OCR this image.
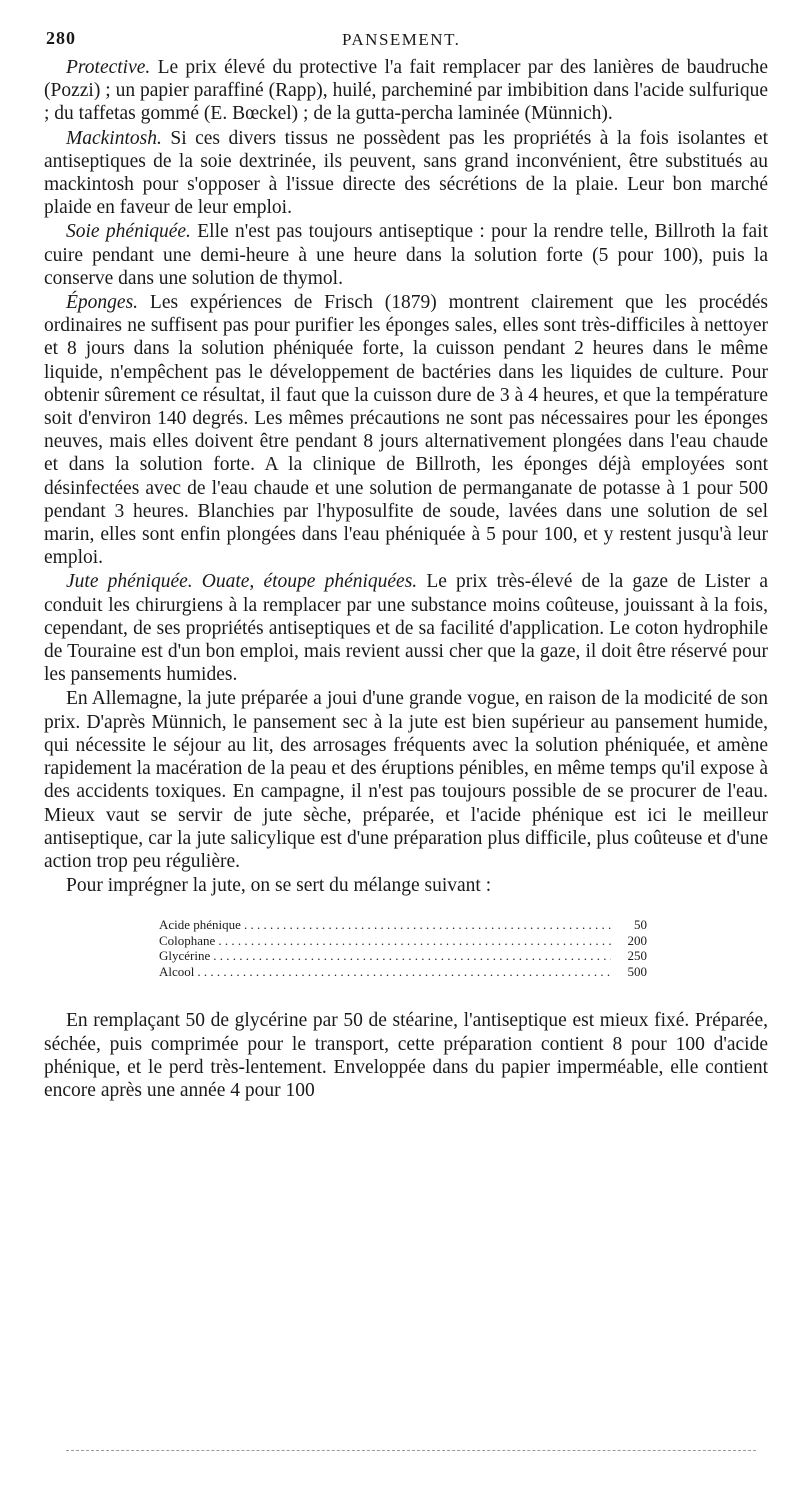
280	PANSEMENT.

Protective. Le prix élevé du protective l'a fait remplacer par des lanières de baudruche (Pozzi) ; un papier paraffiné (Rapp), huilé, parcheminé par imbibition dans l'acide sulfurique ; du taffetas gommé (E. Bœckel) ; de la gutta-percha laminée (Münnich).

Mackintosh. Si ces divers tissus ne possèdent pas les propriétés à la fois isolantes et antiseptiques de la soie dextrinée, ils peuvent, sans grand inconvénient, être substitués au mackintosh pour s'opposer à l'issue directe des sécrétions de la plaie. Leur bon marché plaide en faveur de leur emploi.

Soie phéniquée. Elle n'est pas toujours antiseptique : pour la rendre telle, Billroth la fait cuire pendant une demi-heure à une heure dans la solution forte (5 pour 100), puis la conserve dans une solution de thymol.

Éponges. Les expériences de Frisch (1879) montrent clairement que les procédés ordinaires ne suffisent pas pour purifier les éponges sales, elles sont très-difficiles à nettoyer et 8 jours dans la solution phéniquée forte, la cuisson pendant 2 heures dans le même liquide, n'empêchent pas le développement de bactéries dans les liquides de culture. Pour obtenir sûrement ce résultat, il faut que la cuisson dure de 3 à 4 heures, et que la température soit d'environ 140 degrés. Les mêmes précautions ne sont pas nécessaires pour les éponges neuves, mais elles doivent être pendant 8 jours alternativement plongées dans l'eau chaude et dans la solution forte. A la clinique de Billroth, les éponges déjà employées sont désinfectées avec de l'eau chaude et une solution de permanganate de potasse à 1 pour 500 pendant 3 heures. Blanchies par l'hyposulfite de soude, lavées dans une solution de sel marin, elles sont enfin plongées dans l'eau phéniquée à 5 pour 100, et y restent jusqu'à leur emploi.

Jute phéniquée. Ouate, étoupe phéniquées. Le prix très-élevé de la gaze de Lister a conduit les chirurgiens à la remplacer par une substance moins coûteuse, jouissant à la fois, cependant, de ses propriétés antiseptiques et de sa facilité d'application. Le coton hydrophile de Touraine est d'un bon emploi, mais revient aussi cher que la gaze, il doit être réservé pour les pansements humides.

En Allemagne, la jute préparée a joui d'une grande vogue, en raison de la modicité de son prix. D'après Münnich, le pansement sec à la jute est bien supérieur au pansement humide, qui nécessite le séjour au lit, des arrosages fréquents avec la solution phéniquée, et amène rapidement la macération de la peau et des éruptions pénibles, en même temps qu'il expose à des accidents toxiques. En campagne, il n'est pas toujours possible de se procurer de l'eau. Mieux vaut se servir de jute sèche, préparée, et l'acide phénique est ici le meilleur antiseptique, car la jute salicylique est d'une préparation plus difficile, plus coûteuse et d'une action trop peu régulière.

Pour imprégner la jute, on se sert du mélange suivant :

Acide phénique . . .	50
Colophane . . .	200
Glycérine . . .	250
Alcool . . .	500

En remplaçant 50 de glycérine par 50 de stéarine, l'antiseptique est mieux fixé. Préparée, séchée, puis comprimée pour le transport, cette préparation contient 8 pour 100 d'acide phénique, et le perd très-lentement. Enveloppée dans du papier imperméable, elle contient encore après une année 4 pour 100
